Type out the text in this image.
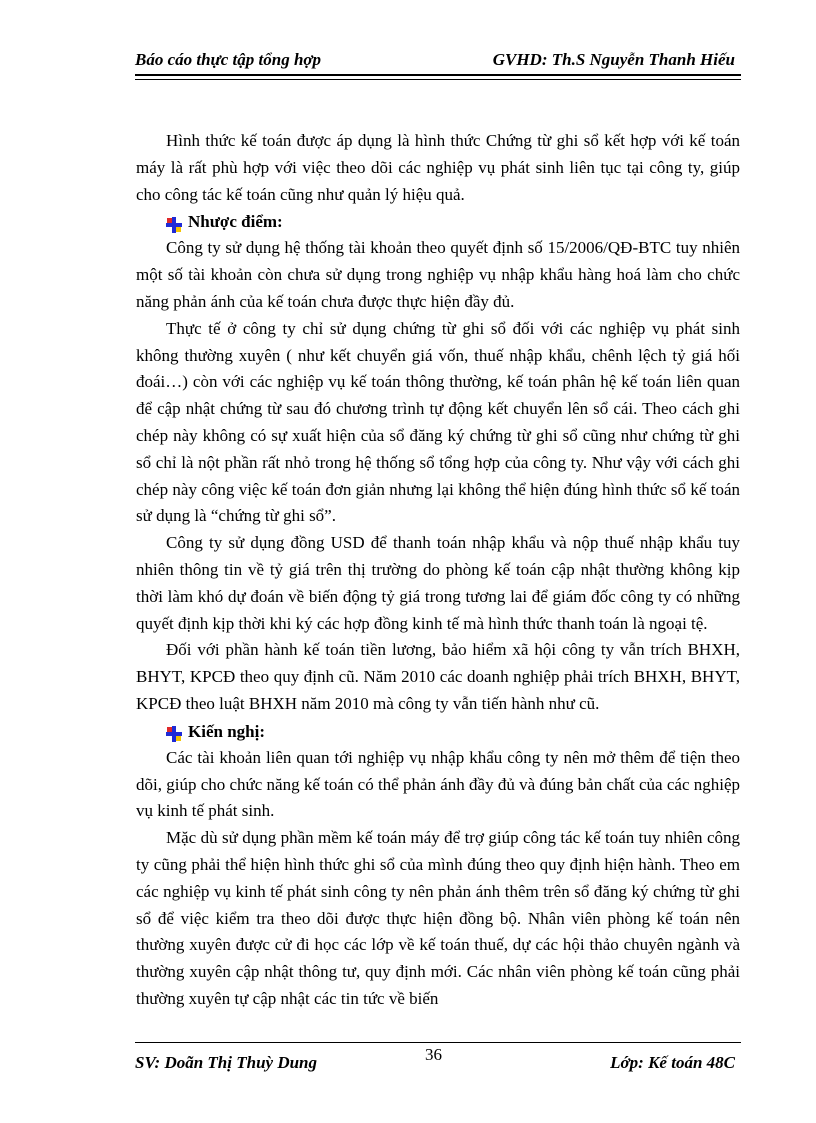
Báo cáo thực tập tổng hợp	GVHD: Th.S Nguyễn Thanh Hiếu

Hình thức kế toán được áp dụng là hình thức Chứng từ ghi sổ kết hợp với kế toán máy là rất phù hợp với việc theo dõi các nghiệp vụ phát sinh liên tục tại công ty, giúp cho công tác kế toán cũng như quản lý hiệu quả.

Nhược điểm:

Công ty sử dụng hệ thống tài khoản theo quyết định số 15/2006/QĐ-BTC tuy nhiên một số tài khoản còn chưa sử dụng trong nghiệp vụ nhập khẩu hàng hoá làm cho chức năng phản ánh của kế toán chưa được thực hiện đầy đủ.

Thực tế ở công ty chỉ sử dụng chứng từ ghi sổ đối với các nghiệp vụ phát sinh không thường xuyên ( như kết chuyển giá vốn, thuế nhập khẩu, chênh lệch tỷ giá hối đoái…) còn với các nghiệp vụ kế toán thông thường, kế toán phân hệ kế toán liên quan để cập nhật chứng từ sau đó chương trình tự động kết chuyển lên sổ cái. Theo cách ghi chép này không có sự xuất hiện của sổ đăng ký chứng từ ghi sổ cũng như chứng từ ghi sổ chỉ là nột phần rất nhỏ trong hệ thống sổ tổng hợp của công ty. Như vậy với cách ghi chép này công việc kế toán đơn giản nhưng lại không thể hiện đúng hình thức sổ kế toán sử dụng là “chứng từ ghi sổ”.

Công ty sử dụng đồng USD để thanh toán nhập khẩu và nộp thuế nhập khẩu tuy nhiên thông tin về tỷ giá trên thị trường do phòng kế toán cập nhật thường không kịp thời làm khó dự đoán về biến động tỷ giá trong tương lai để giám đốc công ty có những quyết định kịp thời khi ký các hợp đồng kinh tế mà hình thức thanh toán là ngoại tệ.

Đối với phần hành kế toán tiền lương, bảo hiểm xã hội công ty vẫn trích BHXH, BHYT, KPCĐ theo quy định cũ. Năm 2010 các doanh nghiệp phải trích BHXH, BHYT, KPCĐ theo luật BHXH năm 2010 mà công ty vẫn tiến hành như cũ.

Kiến nghị:

Các tài khoản liên quan tới nghiệp vụ nhập khẩu công ty nên mở thêm để tiện theo dõi, giúp cho chức năng kế toán có thể phản ánh đầy đủ và đúng bản chất của các nghiệp vụ kinh tế phát sinh.

Mặc dù sử dụng phần mềm kế toán máy để trợ giúp công tác kế toán tuy nhiên công ty cũng phải thể hiện hình thức ghi sổ của mình đúng theo quy định hiện hành. Theo em các nghiệp vụ kinh tế phát sinh công ty nên phản ánh thêm trên sổ đăng ký chứng từ ghi sổ để việc kiểm tra theo dõi được thực hiện đồng bộ. Nhân viên phòng kế toán nên thường xuyên được cử đi học các lớp về kế toán thuế, dự các hội thảo chuyên ngành và thường xuyên cập nhật thông tư, quy định mới. Các nhân viên phòng kế toán cũng phải thường xuyên tự cập nhật các tin tức về biến

SV: Doãn Thị Thuỳ Dung	36	Lớp: Kế toán 48C
